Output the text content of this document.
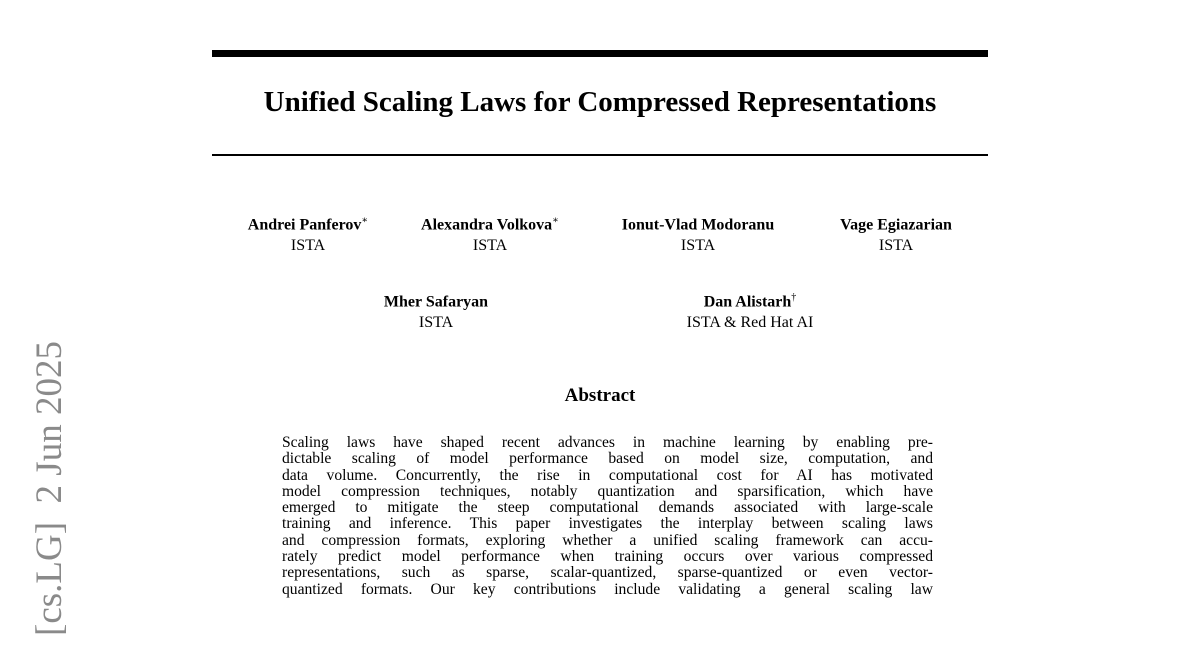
[cs.LG]  2 Jun 2025
Unified Scaling Laws for Compressed Representations
Andrei Panferov∗
ISTA
Alexandra Volkova∗
ISTA
Ionut-Vlad Modoranu
ISTA
Vage Egiazarian
ISTA
Mher Safaryan
ISTA
Dan Alistarh†
ISTA & Red Hat AI
Abstract
Scaling laws have shaped recent advances in machine learning by enabling pre-
dictable scaling of model performance based on model size, computation, and
data volume. Concurrently, the rise in computational cost for AI has motivated
model compression techniques, notably quantization and sparsification, which have
emerged to mitigate the steep computational demands associated with large-scale
training and inference. This paper investigates the interplay between scaling laws
and compression formats, exploring whether a unified scaling framework can accu-
rately predict model performance when training occurs over various compressed
representations, such as sparse, scalar-quantized, sparse-quantized or even vector-
quantized formats. Our key contributions include validating a general scaling law
